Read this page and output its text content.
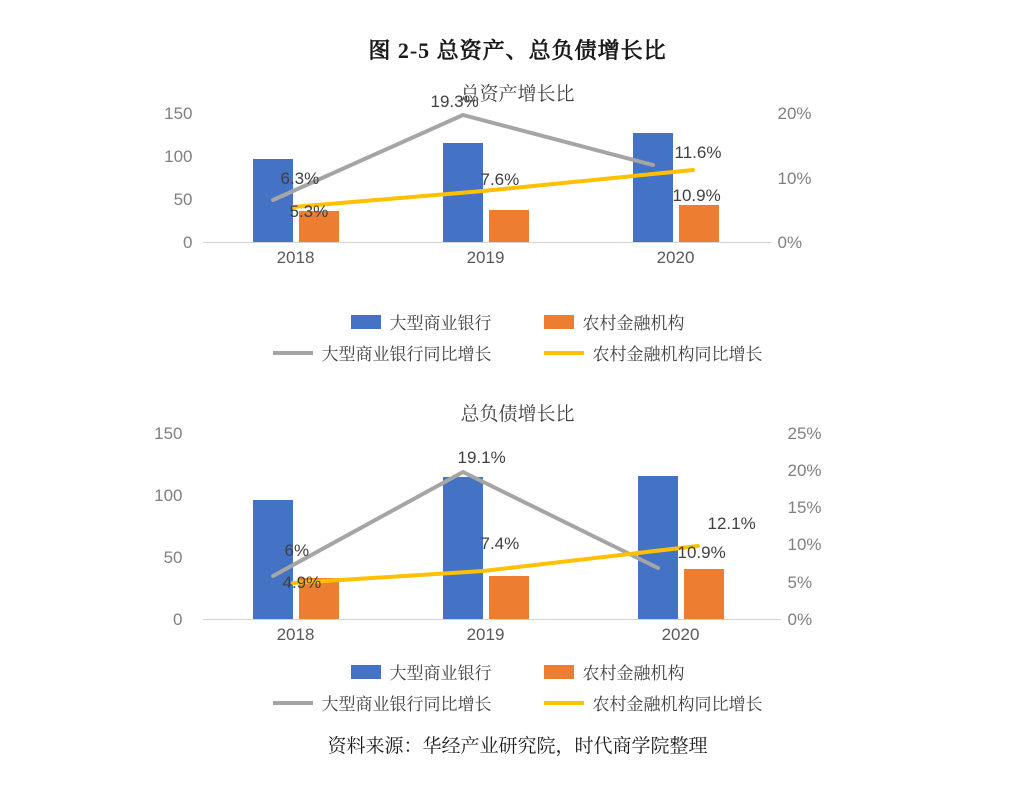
图 2-5 总资产、总负债增长比
总资产增长比
150
100
50
0
20%
10%
0%
6.3%
19.3%
11.6%
5.3%
7.6%
10.9%
2018	2019	2020
大型商业银行	农村金融机构
大型商业银行同比增长	农村金融机构同比增长
总负债增长比
150
100
50
0
25%
20%
15%
10%
5%
0%
6%
19.1%
4.9%
7.4%
12.1%
10.9%
2018	2019	2020
大型商业银行	农村金融机构
大型商业银行同比增长	农村金融机构同比增长
资料来源：华经产业研究院，时代商学院整理
